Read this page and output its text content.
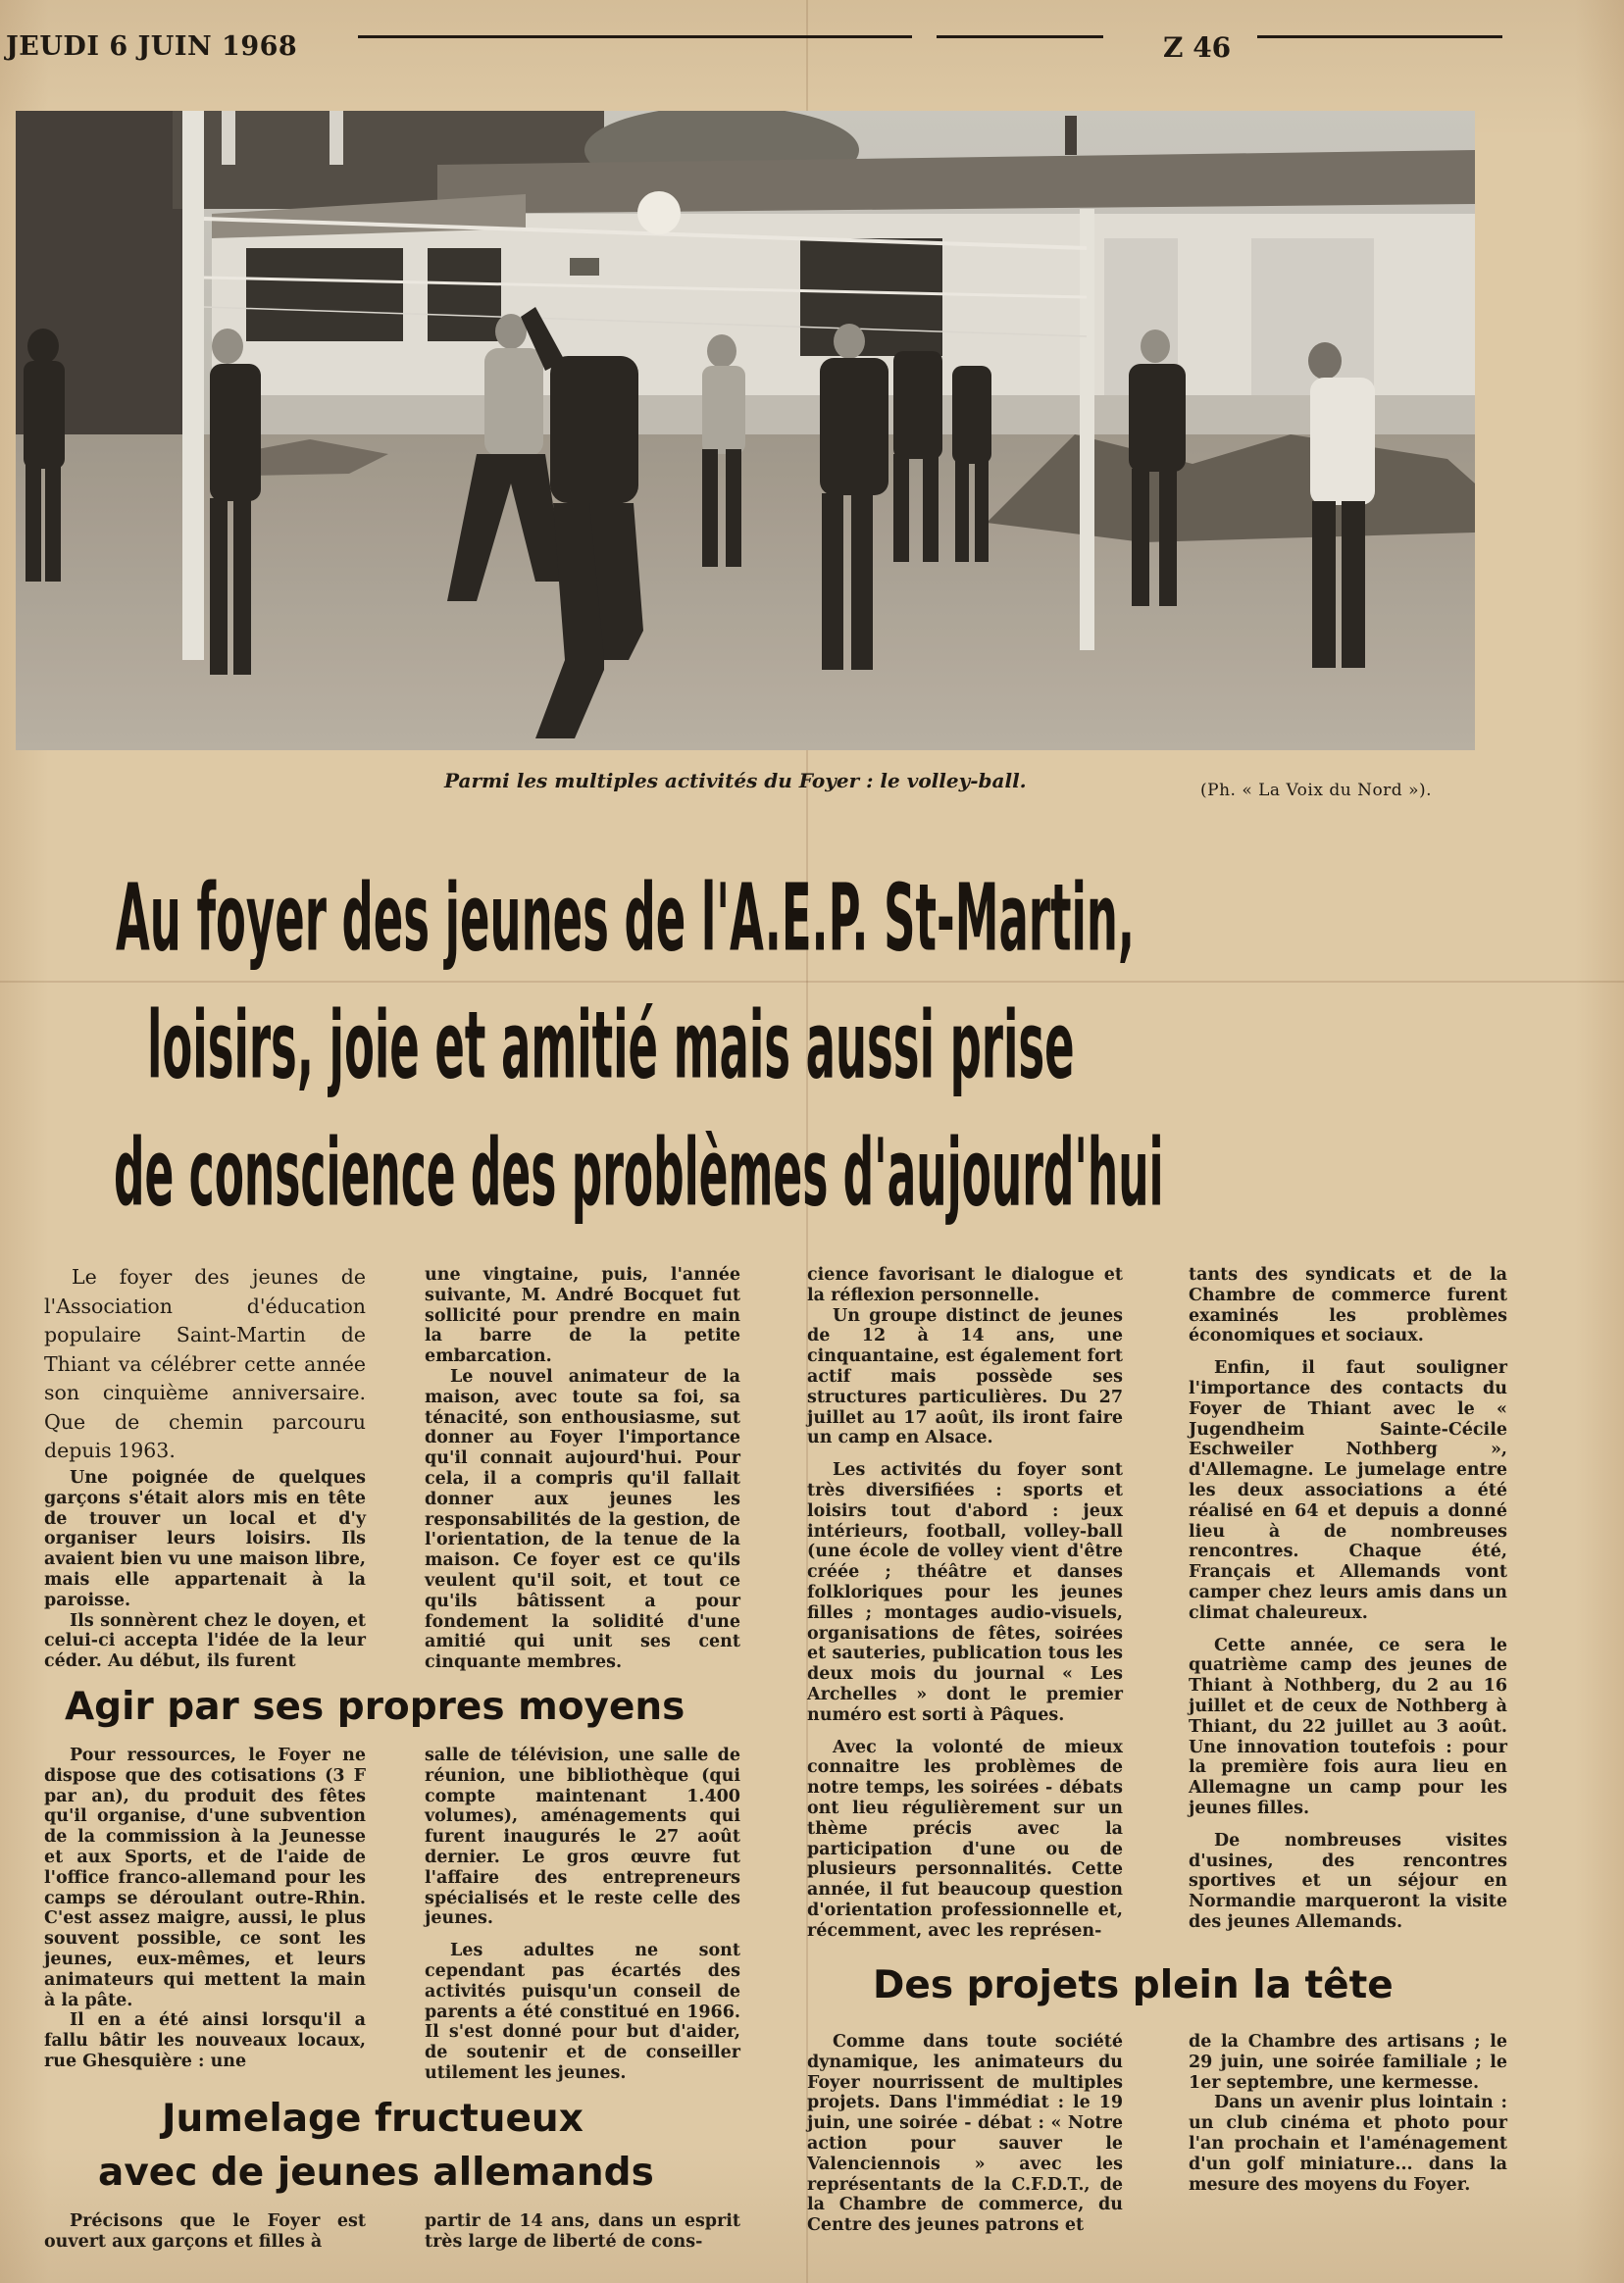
JEUDI 6 JUIN 1968	Z 46
Parmi les multiples activités du Foyer : le volley-ball.	(Ph. « La Voix du Nord »).
Au foyer des jeunes de l'A.E.P. St-Martin,
loisirs, joie et amitié mais aussi prise
de conscience des problèmes d'aujourd'hui

Le foyer des jeunes de l'Association d'éducation populaire Saint-Martin de Thiant va célébrer cette année son cinquième anniversaire. Que de chemin parcouru depuis 1963.

Une poignée de quelques garçons s'était alors mis en tête de trouver un local et d'y organiser leurs loisirs. Ils avaient bien vu une maison libre, mais elle appartenait à la paroisse.

Ils sonnèrent chez le doyen, et celui-ci accepta l'idée de la leur céder. Au début, ils furent

une vingtaine, puis, l'année suivante, M. André Bocquet fut sollicité pour prendre en main la barre de la petite embarcation.

Le nouvel animateur de la maison, avec toute sa foi, sa ténacité, son enthousiasme, sut donner au Foyer l'importance qu'il connait aujourd'hui. Pour cela, il a compris qu'il fallait donner aux jeunes les responsabilités de la gestion, de l'orientation, de la tenue de la maison. Ce foyer est ce qu'ils veulent qu'il soit, et tout ce qu'ils bâtissent a pour fondement la solidité d'une amitié qui unit ses cent cinquante membres.

Agir par ses propres moyens

Pour ressources, le Foyer ne dispose que des cotisations (3 F par an), du produit des fêtes qu'il organise, d'une subvention de la commission à la Jeunesse et aux Sports, et de l'aide de l'office franco-allemand pour les camps se déroulant outre-Rhin. C'est assez maigre, aussi, le plus souvent possible, ce sont les jeunes, eux-mêmes, et leurs animateurs qui mettent la main à la pâte.

Il en a été ainsi lorsqu'il a fallu bâtir les nouveaux locaux, rue Ghesquière : une

salle de télévision, une salle de réunion, une bibliothèque (qui compte maintenant 1.400 volumes), aménagements qui furent inaugurés le 27 août dernier. Le gros œuvre fut l'affaire des entrepreneurs spécialisés et le reste celle des jeunes.

Les adultes ne sont cependant pas écartés des activités puisqu'un conseil de parents a été constitué en 1966. Il s'est donné pour but d'aider, de soutenir et de conseiller utilement les jeunes.

Jumelage fructueux
avec de jeunes allemands

Précisons que le Foyer est ouvert aux garçons et filles à

partir de 14 ans, dans un esprit très large de liberté de cons-

cience favorisant le dialogue et la réflexion personnelle.

Un groupe distinct de jeunes de 12 à 14 ans, une cinquantaine, est également fort actif mais possède ses structures particulières. Du 27 juillet au 17 août, ils iront faire un camp en Alsace.

Les activités du foyer sont très diversifiées : sports et loisirs tout d'abord : jeux intérieurs, football, volley-ball (une école de volley vient d'être créée ; théâtre et danses folkloriques pour les jeunes filles ; montages audio-visuels, organisations de fêtes, soirées et sauteries, publication tous les deux mois du journal « Les Archelles » dont le premier numéro est sorti à Pâques.

Avec la volonté de mieux connaitre les problèmes de notre temps, les soirées - débats ont lieu régulièrement sur un thème précis avec la participation d'une ou de plusieurs personnalités. Cette année, il fut beaucoup question d'orientation professionnelle et, récemment, avec les représen-

tants des syndicats et de la Chambre de commerce furent examinés les problèmes économiques et sociaux.

Enfin, il faut souligner l'importance des contacts du Foyer de Thiant avec le « Jugendheim Sainte-Cécile Eschweiler Nothberg », d'Allemagne. Le jumelage entre les deux associations a été réalisé en 64 et depuis a donné lieu à de nombreuses rencontres. Chaque été, Français et Allemands vont camper chez leurs amis dans un climat chaleureux.

Cette année, ce sera le quatrième camp des jeunes de Thiant à Nothberg, du 2 au 16 juillet et de ceux de Nothberg à Thiant, du 22 juillet au 3 août. Une innovation toutefois : pour la première fois aura lieu en Allemagne un camp pour les jeunes filles.

De nombreuses visites d'usines, des rencontres sportives et un séjour en Normandie marqueront la visite des jeunes Allemands.

Des projets plein la tête

Comme dans toute société dynamique, les animateurs du Foyer nourrissent de multiples projets. Dans l'immédiat : le 19 juin, une soirée - débat : « Notre action pour sauver le Valenciennois » avec les représentants de la C.F.D.T., de la Chambre de commerce, du Centre des jeunes patrons et

de la Chambre des artisans ; le 29 juin, une soirée familiale ; le 1er septembre, une kermesse.

Dans un avenir plus lointain : un club cinéma et photo pour l'an prochain et l'aménagement d'un golf miniature... dans la mesure des moyens du Foyer.
